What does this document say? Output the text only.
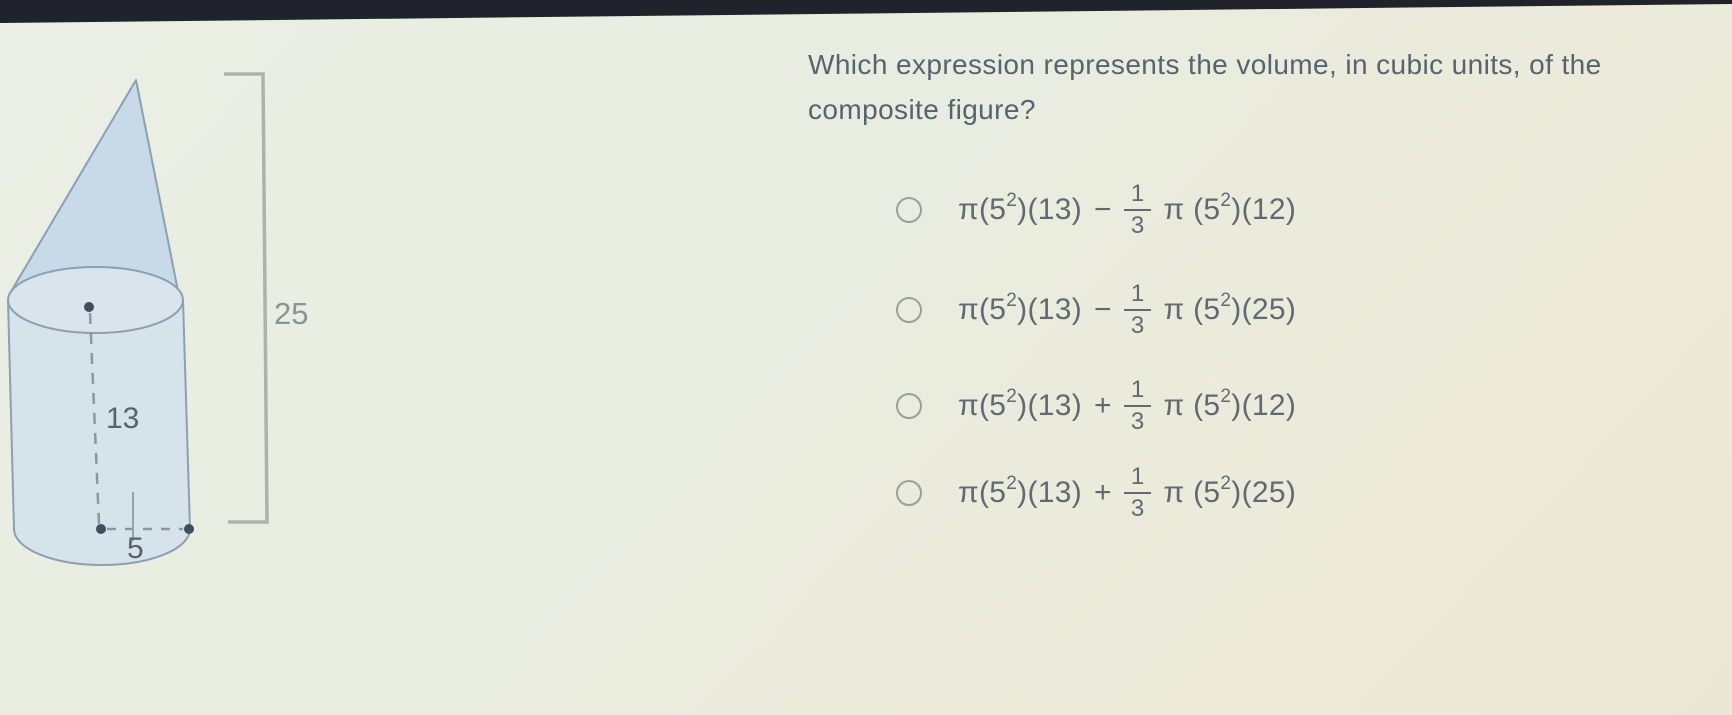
13
5
25
Which expression represents the volume, in cubic units, of the composite figure?
$\pi(5^2$ )$(13) - \frac{1}{3}$ π ($5^2$ )(12)
$\pi(5^2$ )$(13) - \frac{1}{3}$ π ($5^2$ )(25)
$\pi(5^2$ )$(13) + \frac{1}{3}$ π ($5^2$ )(12)
$\pi(5^2$ )$(13) + \frac{1}{3}$ π ($5^2$ )(25)
